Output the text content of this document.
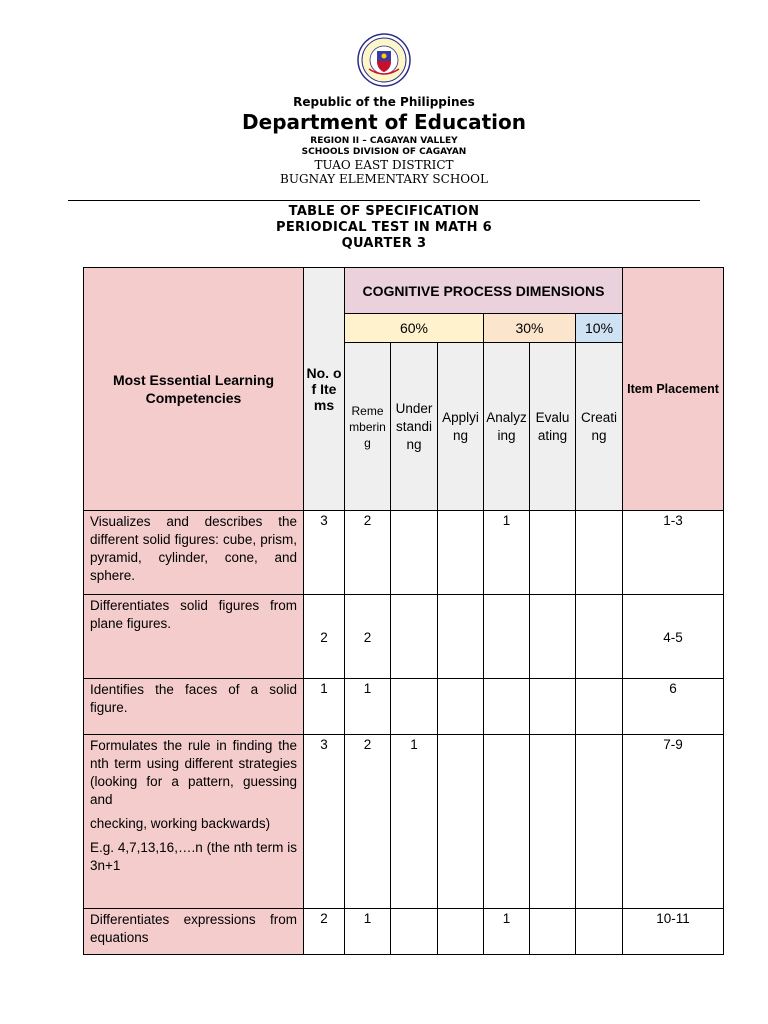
Republic of the Philippines
Department of Education
REGION II – CAGAYAN VALLEY
SCHOOLS DIVISION OF CAGAYAN
TUAO EAST DISTRICT
BUGNAY ELEMENTARY SCHOOL
TABLE OF SPECIFICATION
PERIODICAL TEST IN MATH 6
QUARTER 3
Most Essential Learning Competencies	No. of Items	COGNITIVE PROCESS DIMENSIONS						Item Placement
		60%			30%		10%	
		Remembering	Understanding	Applying	Analyzing	Evaluating	Creating	

Visualizes and describes the different solid figures: cube, prism, pyramid, cylinder, cone, and sphere.	3	2			1			1-3

Differentiates solid figures from plane figures.	2	2						4-5

Identifies the faces of a solid figure.	1	1						6

Formulates the rule in finding the nth term using different strategies (looking for a pattern, guessing and

checking, working backwards)

E.g. 4,7,13,16,….n (the nth term is 3n+1	3	2	1					7-9

Differentiates expressions from equations	2	1			1			10-11
